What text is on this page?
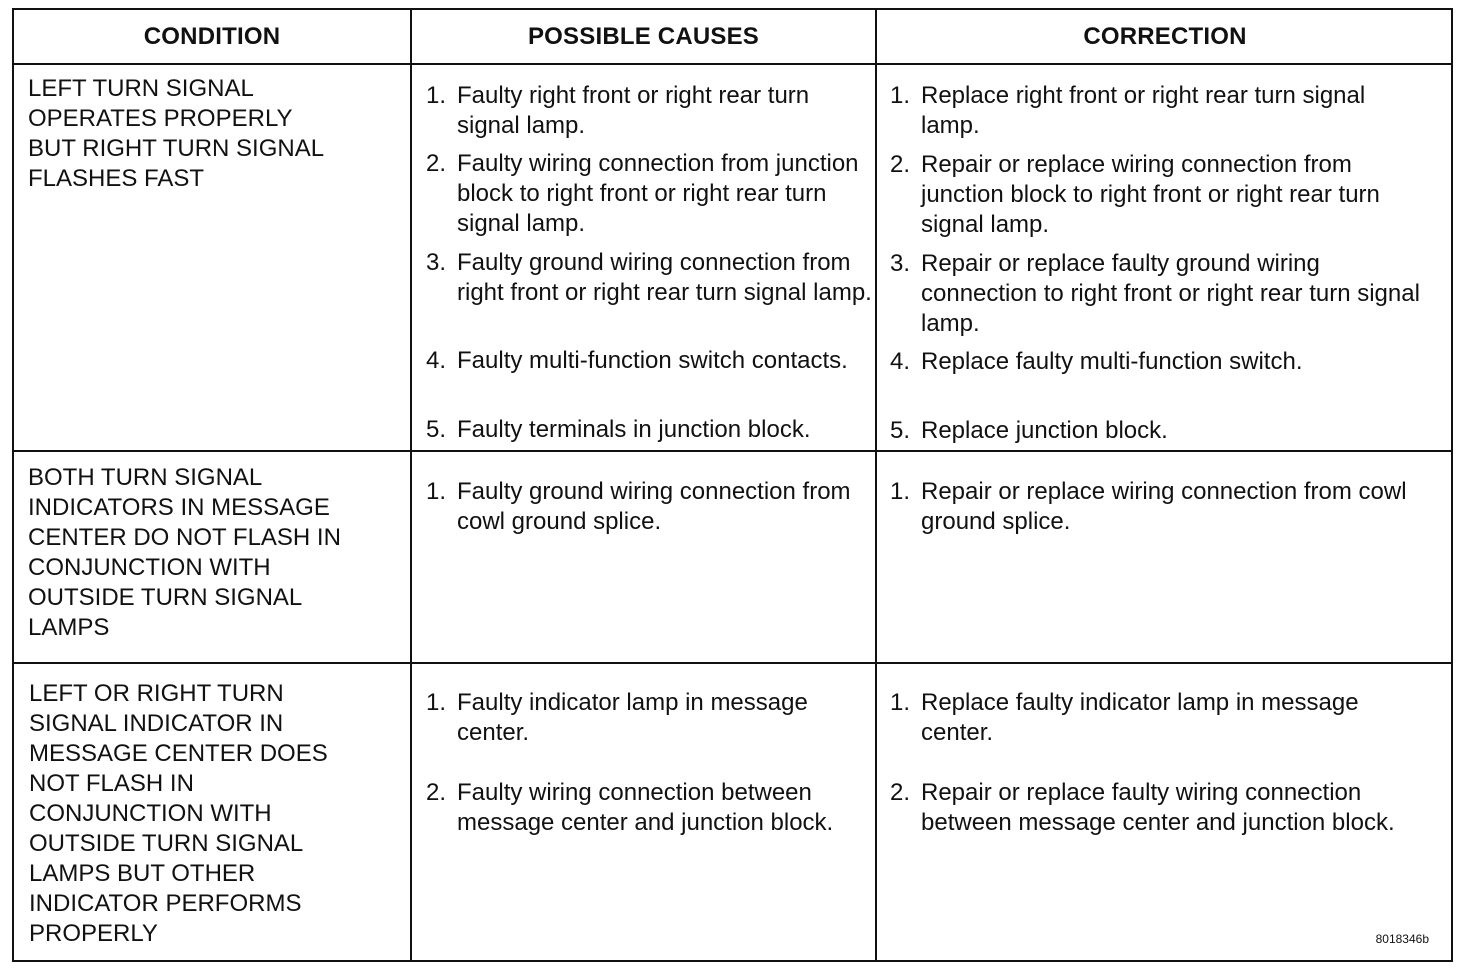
CONDITION	POSSIBLE CAUSES	CORRECTION
LEFT TURN SIGNAL
OPERATES PROPERLY
BUT RIGHT TURN SIGNAL
FLASHES FAST
1. Faulty right front or right rear turn signal lamp.
2. Faulty wiring connection from junction block to right front or right rear turn signal lamp.
3. Faulty ground wiring connection from right front or right rear turn signal lamp.
4. Faulty multi-function switch contacts.
5. Faulty terminals in junction block.
1. Replace right front or right rear turn signal lamp.
2. Repair or replace wiring connection from junction block to right front or right rear turn signal lamp.
3. Repair or replace faulty ground wiring connection to right front or right rear turn signal lamp.
4. Replace faulty multi-function switch.
5. Replace junction block.
BOTH TURN SIGNAL
INDICATORS IN MESSAGE
CENTER DO NOT FLASH IN
CONJUNCTION WITH
OUTSIDE TURN SIGNAL
LAMPS
1. Faulty ground wiring connection from cowl ground splice.
1. Repair or replace wiring connection from cowl ground splice.
LEFT OR RIGHT TURN
SIGNAL INDICATOR IN
MESSAGE CENTER DOES
NOT FLASH IN
CONJUNCTION WITH
OUTSIDE TURN SIGNAL
LAMPS BUT OTHER
INDICATOR PERFORMS
PROPERLY
1. Faulty indicator lamp in message center.
2. Faulty wiring connection between message center and junction block.
1. Replace faulty indicator lamp in message center.
2. Repair or replace faulty wiring connection between message center and junction block.
8018346b
